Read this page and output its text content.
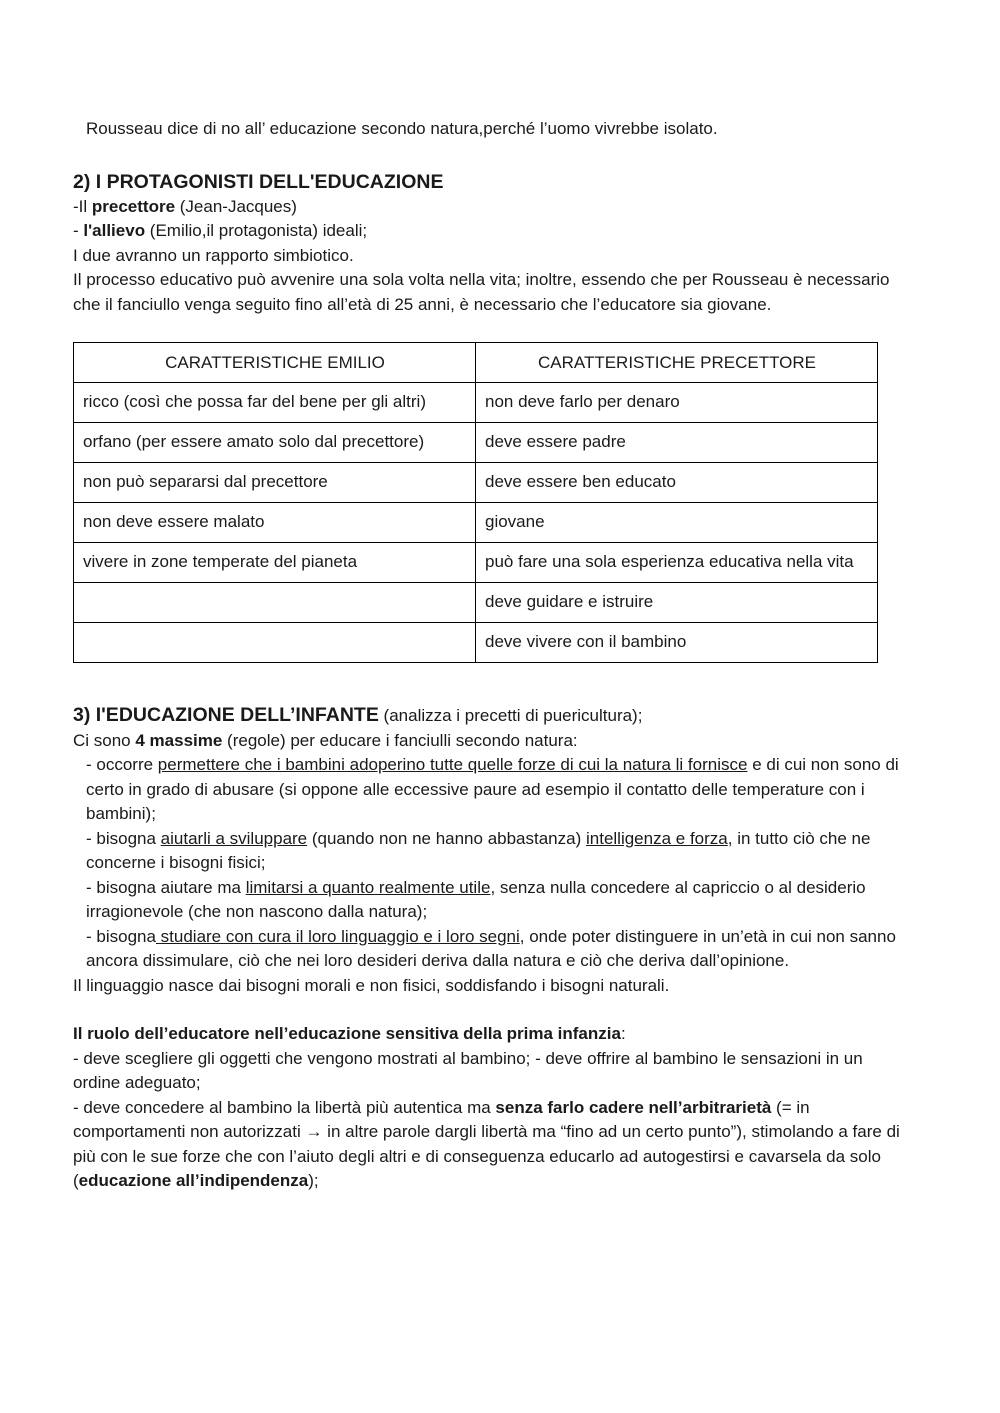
Rousseau dice di no all’ educazione secondo natura,perché l’uomo vivrebbe isolato.

2) I PROTAGONISTI DELL'EDUCAZIONE

-Il precettore (Jean-Jacques)

- l'allievo (Emilio,il protagonista) ideali;

I due avranno un rapporto simbiotico.

Il processo educativo può avvenire una sola volta nella vita; inoltre, essendo che per Rousseau è necessario che il fanciullo venga seguito fino all’età di 25 anni, è necessario che l’educatore sia giovane.

CARATTERISTICHE EMILIO	CARATTERISTICHE PRECETTORE
ricco (così che possa far del bene per gli altri)	non deve farlo per denaro
orfano (per essere amato solo dal precettore)	deve essere padre
non può separarsi dal precettore	deve essere ben educato
non deve essere malato	giovane
vivere in zone temperate del pianeta	può fare una sola esperienza educativa nella vita
	deve guidare e istruire
	deve vivere con il bambino

3) I'EDUCAZIONE DELL’INFANTE (analizza i precetti di puericultura);

Ci sono 4 massime (regole) per educare i fanciulli secondo natura:

- occorre permettere che i bambini adoperino tutte quelle forze di cui la natura li fornisce e di cui non sono di certo in grado di abusare (si oppone alle eccessive paure ad esempio il contatto delle temperature con i bambini);

- bisogna aiutarli a sviluppare (quando non ne hanno abbastanza) intelligenza e forza, in tutto ciò che ne concerne i bisogni fisici;

- bisogna aiutare ma limitarsi a quanto realmente utile, senza nulla concedere al capriccio o al desiderio irragionevole (che non nascono dalla natura);

- bisogna studiare con cura il loro linguaggio e i loro segni, onde poter distinguere in un’età in cui non sanno ancora dissimulare, ciò che nei loro desideri deriva dalla natura e ciò che deriva dall’opinione.

Il linguaggio nasce dai bisogni morali e non fisici, soddisfando i bisogni naturali.

Il ruolo dell’educatore nell’educazione sensitiva della prima infanzia:

- deve scegliere gli oggetti che vengono mostrati al bambino; - deve offrire al bambino le sensazioni in un ordine adeguato;

- deve concedere al bambino la libertà più autentica ma senza farlo cadere nell’arbitrarietà (= in comportamenti non autorizzati → in altre parole dargli libertà ma “fino ad un certo punto”), stimolando a fare di più con le sue forze che con l’aiuto degli altri e di conseguenza educarlo ad autogestirsi e cavarsela da solo (educazione all’indipendenza);
